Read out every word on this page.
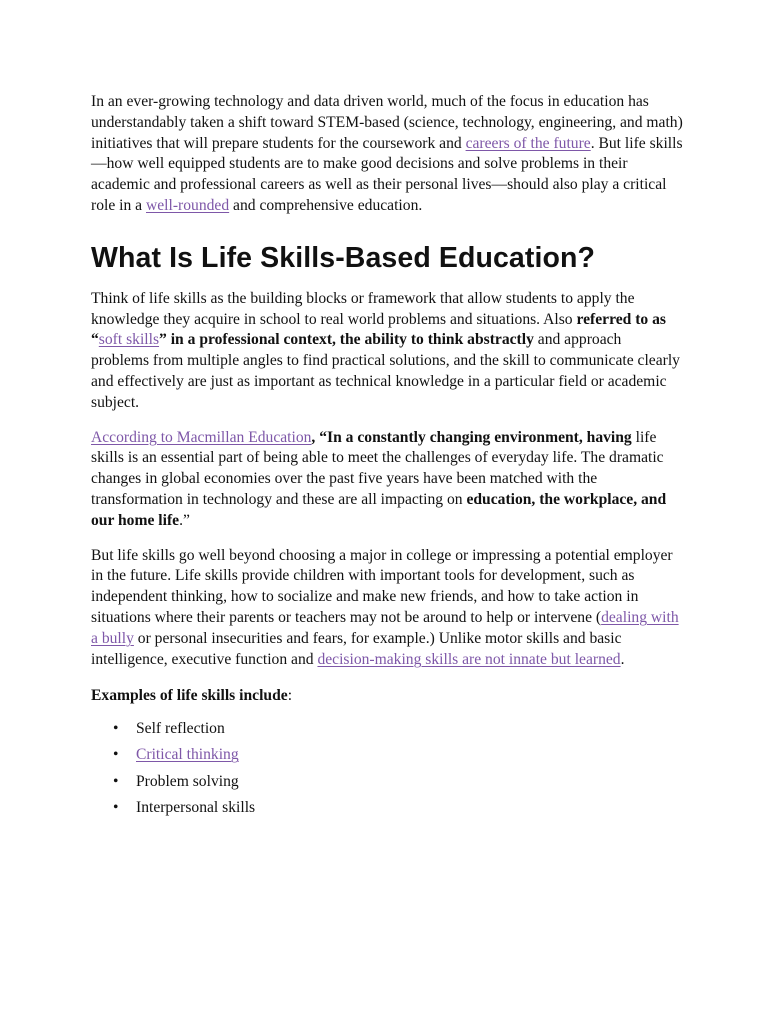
In an ever-growing technology and data driven world, much of the focus in education has understandably taken a shift toward STEM-based (science, technology, engineering, and math) initiatives that will prepare students for the coursework and careers of the future. But life skills—how well equipped students are to make good decisions and solve problems in their academic and professional careers as well as their personal lives—should also play a critical role in a well-rounded and comprehensive education.

What Is Life Skills-Based Education?

Think of life skills as the building blocks or framework that allow students to apply the knowledge they acquire in school to real world problems and situations. Also referred to as “soft skills” in a professional context, the ability to think abstractly and approach problems from multiple angles to find practical solutions, and the skill to communicate clearly and effectively are just as important as technical knowledge in a particular field or academic subject.

According to Macmillan Education, “In a constantly changing environment, having life skills is an essential part of being able to meet the challenges of everyday life. The dramatic changes in global economies over the past five years have been matched with the transformation in technology and these are all impacting on education, the workplace, and our home life.”

But life skills go well beyond choosing a major in college or impressing a potential employer in the future. Life skills provide children with important tools for development, such as independent thinking, how to socialize and make new friends, and how to take action in situations where their parents or teachers may not be around to help or intervene (dealing with a bully or personal insecurities and fears, for example.) Unlike motor skills and basic intelligence, executive function and decision-making skills are not innate but learned.

Examples of life skills include:

• Self reflection
• Critical thinking
• Problem solving
• Interpersonal skills
